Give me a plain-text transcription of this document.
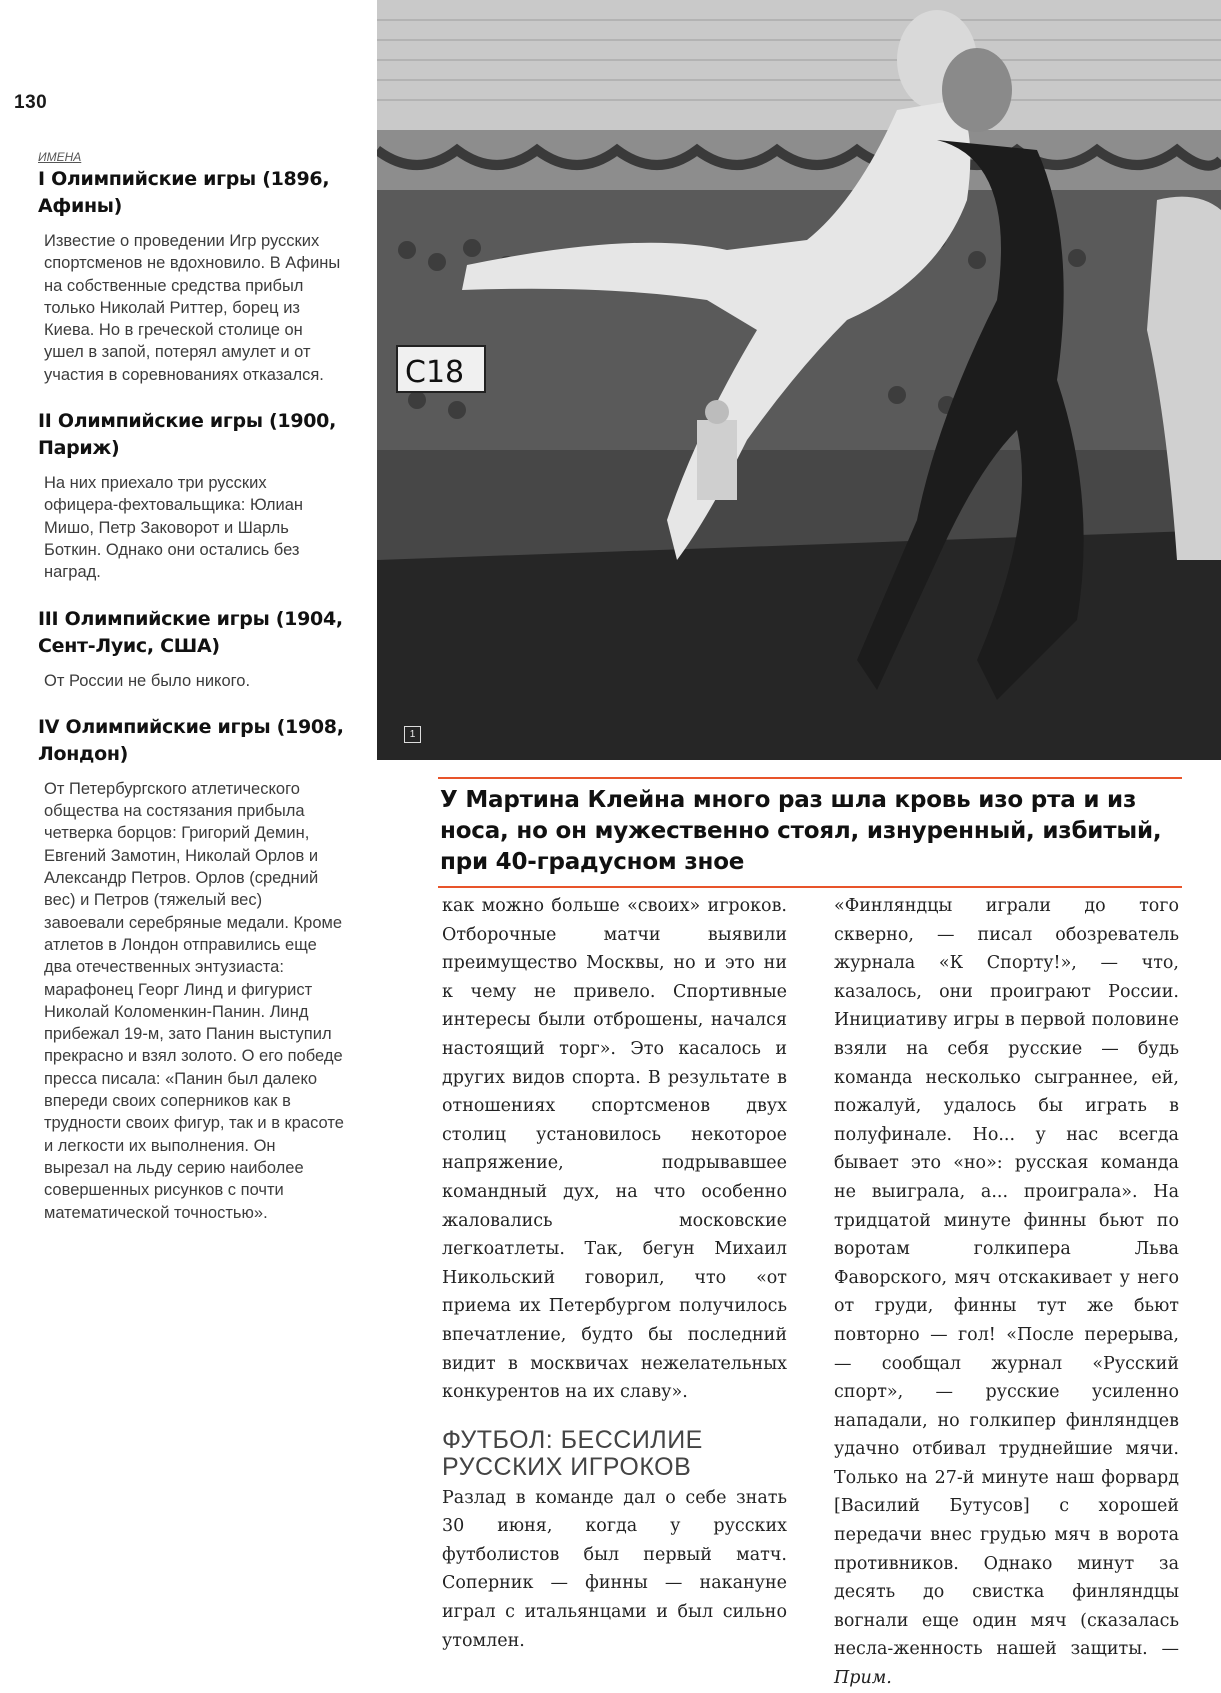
130
ИМЕНА
I Олимпийские игры (1896, Афины)

Известие о проведении Игр русских спортсменов не вдохновило. В Афины на собственные средства прибыл только Николай Риттер, борец из Киева. Но в греческой столице он ушел в запой, потерял амулет и от участия в соревнованиях отказался.

II Олимпийские игры (1900, Париж)

На них приехало три русских офицера-фехтовальщика: Юлиан Мишо, Петр Заковорот и Шарль Боткин. Однако они остались без наград.

III Олимпийские игры (1904, Сент-Луис, США)

От России не было никого.

IV Олимпийские игры (1908, Лондон)

От Петербургского атлетического общества на состязания прибыла четверка борцов: Григорий Демин, Евгений Замотин, Николай Орлов и Александр Петров. Орлов (средний вес) и Петров (тяжелый вес) завоевали серебряные медали. Кроме атлетов в Лондон отправились еще два отечественных энтузиаста: марафонец Георг Линд и фигурист Николай Коломенкин-Панин. Линд прибежал 19-м, зато Панин выступил прекрасно и взял золото. О его победе пресса писала: «Панин был далеко впереди своих соперников как в трудности своих фигур, так и в красоте и легкости их выполнения. Он вырезал на льду серию наиболее совершенных рисунков с почти математической точностью».

C18
1
У Мартина Клейна много раз шла кровь изо рта и из носа, но он мужественно стоял, изнуренный, избитый, при 40-градусном зное

как можно больше «своих» игроков. Отборочные матчи выявили преимущество Москвы, но и это ни к чему не привело. Спортивные интересы были отброшены, начался настоящий торг». Это касалось и других видов спорта. В результате в отношениях спортсменов двух столиц установилось некоторое напряжение, подрывавшее командный дух, на что особенно жаловались московские легкоатлеты. Так, бегун Михаил Никольский говорил, что «от приема их Петербургом получилось впечатление, будто бы последний видит в москвичах нежелательных конкурентов на их славу».

ФУТБОЛ: БЕССИЛИЕ РУССКИХ ИГРОКОВ

Разлад в команде дал о себе знать 30 июня, когда у русских футболистов был первый матч. Соперник — финны — накануне играл с итальянцами и был сильно утомлен.

«Финляндцы играли до того скверно, — писал обозреватель журнала «К Спорту!», — что, казалось, они проиграют России. Инициативу игры в первой половине взяли на себя русские — будь команда несколько сыграннее, ей, пожалуй, удалось бы играть в полуфинале. Но... у нас всегда бывает это «но»: русская команда не выиграла, а... проиграла». На тридцатой минуте финны бьют по воротам голкипера Льва Фаворского, мяч отскакивает у него от груди, финны тут же бьют повторно — гол! «После перерыва, — сообщал журнал «Русский спорт», — русские усиленно нападали, но голкипер финляндцев удачно отбивал труднейшие мячи. Только на 27-й минуте наш форвард [Василий Бутусов] с хорошей передачи внес грудью мяч в ворота противников. Однако минут за десять до свистка финляндцы вогнали еще один мяч (сказалась несла-женность нашей защиты. — Прим.
